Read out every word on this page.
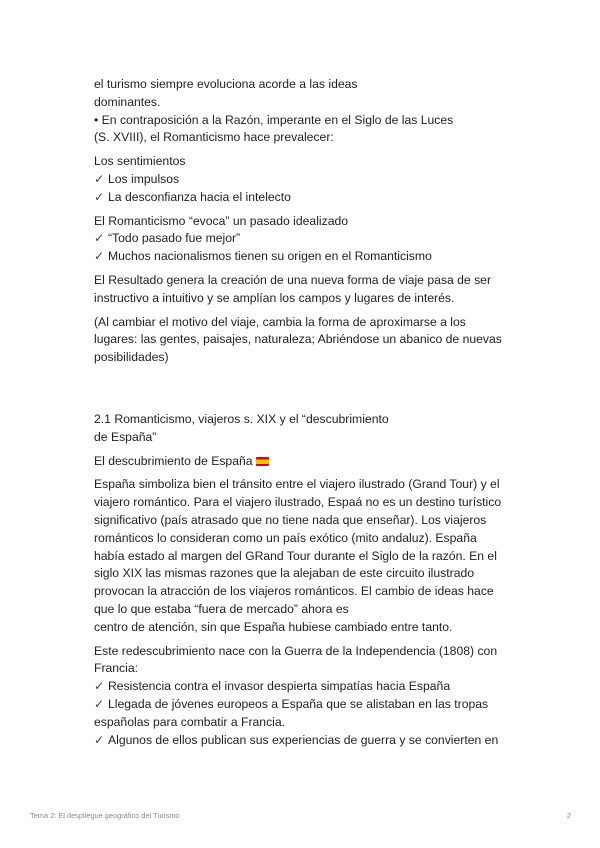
el turismo siempre evoluciona acorde a las ideas
dominantes.
• En contraposición a la Razón, imperante en el Siglo de las Luces
(S. XVIII), el Romanticismo hace prevalecer:
Los sentimientos
✓ Los impulsos
✓ La desconfianza hacia el intelecto
El Romanticismo “evoca” un pasado idealizado
✓ “Todo pasado fue mejor”
✓ Muchos nacionalismos tienen su origen en el Romanticismo
El Resultado genera la creación de una nueva forma de viaje pasa de ser
instructivo a intuitivo y se amplían los campos y lugares de interés.
(Al cambiar el motivo del viaje, cambia la forma de aproximarse a los
lugares: las gentes, paisajes, naturaleza; Abriéndose un abanico de nuevas
posibilidades)
2.1 Romanticismo, viajeros s. XIX y el “descubrimiento
de España”
El descubrimiento de España
España simboliza bien el tránsito entre el viajero ilustrado (Grand Tour) y el
viajero romántico. Para el viajero ilustrado, Espaá no es un destino turístico
significativo (país atrasado que no tiene nada que enseñar). Los viajeros
románticos lo consideran como un país exótico (mito andaluz). España
había estado al margen del GRand Tour durante el Siglo de la razón. En el
siglo XIX las mismas razones que la alejaban de este circuito ilustrado
provocan la atracción de los viajeros románticos. El cambio de ideas hace
que lo que estaba “fuera de mercado” ahora es
centro de atención, sin que España hubiese cambiado entre tanto.
Este redescubrimiento nace con la Guerra de la Independencia (1808) con
Francia:
✓ Resistencia contra el invasor despierta simpatías hacia España
✓ Llegada de jóvenes europeos a España que se alistaban en las tropas
españolas para combatir a Francia.
✓ Algunos de ellos publican sus experiencias de guerra y se convierten en
Tema 2: El despliegue geográfico del Turismo	2
